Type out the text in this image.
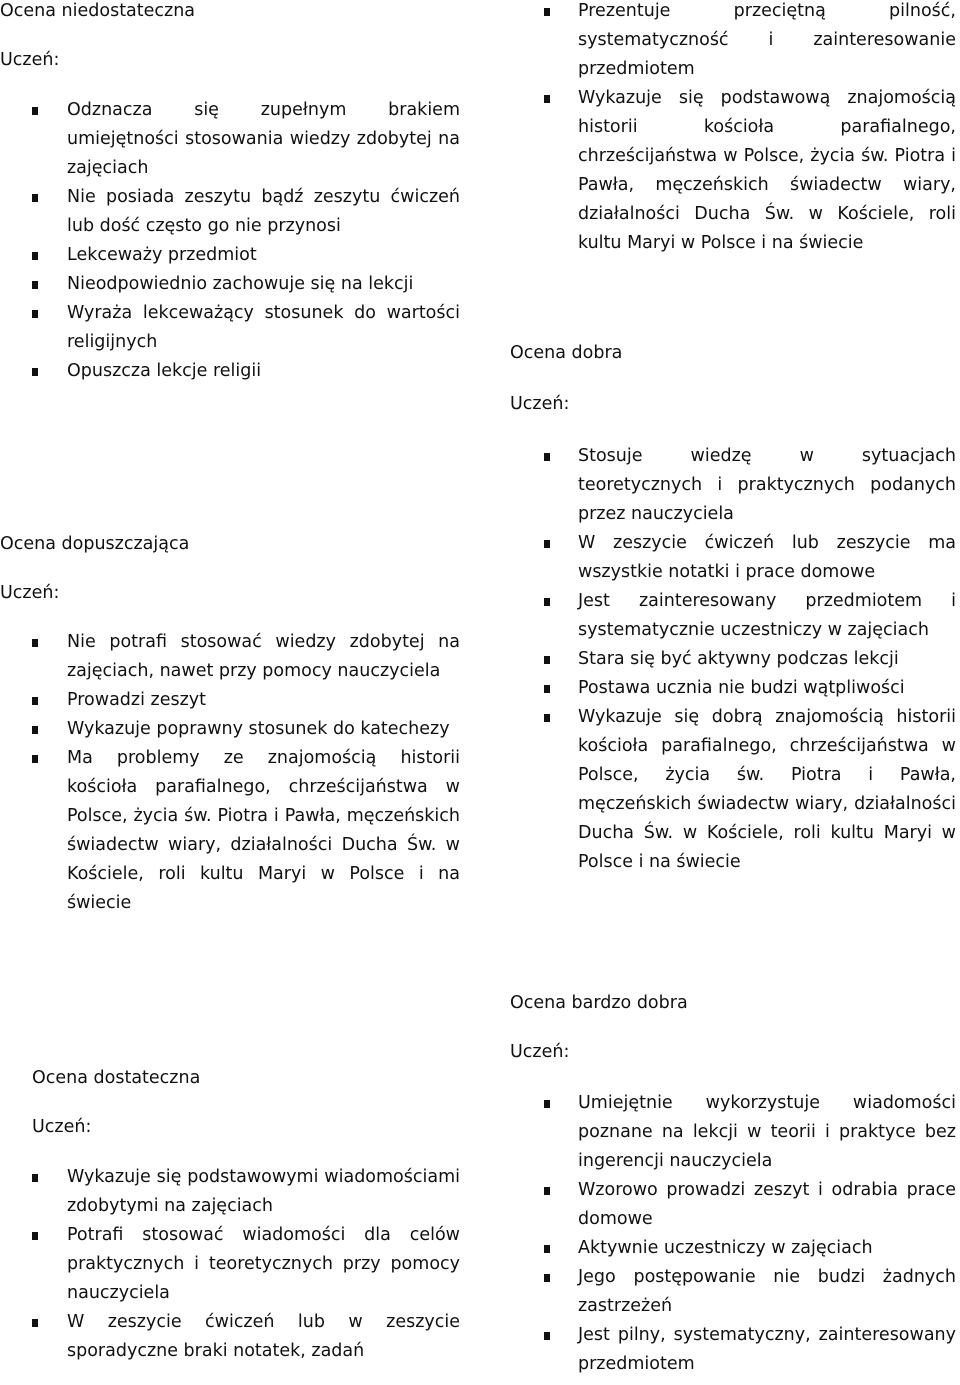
Ocena niedostateczna
Uczeń:
Odznacza się zupełnym brakiem umiejętności stosowania wiedzy zdobytej na zajęciach
Nie posiada zeszytu bądź zeszytu ćwiczeń lub dość często go nie przynosi
Lekceważy przedmiot
Nieodpowiednio zachowuje się na lekcji
Wyraża lekceważący stosunek do wartości religijnych
Opuszcza lekcje religii
Ocena dopuszczająca
Uczeń:
Nie potrafi stosować wiedzy zdobytej na zajęciach, nawet przy pomocy nauczyciela
Prowadzi zeszyt
Wykazuje poprawny stosunek do katechezy
Ma problemy ze znajomością historii kościoła parafialnego, chrześcijaństwa w Polsce, życia św. Piotra i Pawła, męczeńskich świadectw wiary, działalności Ducha Św. w Kościele, roli kultu Maryi w Polsce i na świecie
Ocena dostateczna
Uczeń:
Wykazuje się podstawowymi wiadomościami zdobytymi na zajęciach
Potrafi stosować wiadomości dla celów praktycznych i teoretycznych przy pomocy nauczyciela
W zeszycie ćwiczeń lub w zeszycie sporadyczne braki notatek, zadań
Prezentuje przeciętną pilność, systematyczność i zainteresowanie przedmiotem
Wykazuje się podstawową znajomością historii kościoła parafialnego, chrześcijaństwa w Polsce, życia św. Piotra i Pawła, męczeńskich świadectw wiary, działalności Ducha Św. w Kościele, roli kultu Maryi w Polsce i na świecie
Ocena dobra
Uczeń:
Stosuje wiedzę w sytuacjach teoretycznych i praktycznych podanych przez nauczyciela
W zeszycie ćwiczeń lub zeszycie ma wszystkie notatki i prace domowe
Jest zainteresowany przedmiotem i systematycznie uczestniczy w zajęciach
Stara się być aktywny podczas lekcji
Postawa ucznia nie budzi wątpliwości
Wykazuje się dobrą znajomością historii kościoła parafialnego, chrześcijaństwa w Polsce, życia św. Piotra i Pawła, męczeńskich świadectw wiary, działalności Ducha Św. w Kościele, roli kultu Maryi w Polsce i na świecie
Ocena bardzo dobra
Uczeń:
Umiejętnie wykorzystuje wiadomości poznane na lekcji w teorii i praktyce bez ingerencji nauczyciela
Wzorowo prowadzi zeszyt i odrabia prace domowe
Aktywnie uczestniczy w zajęciach
Jego postępowanie nie budzi żadnych zastrzeżeń
Jest pilny, systematyczny, zainteresowany przedmiotem
